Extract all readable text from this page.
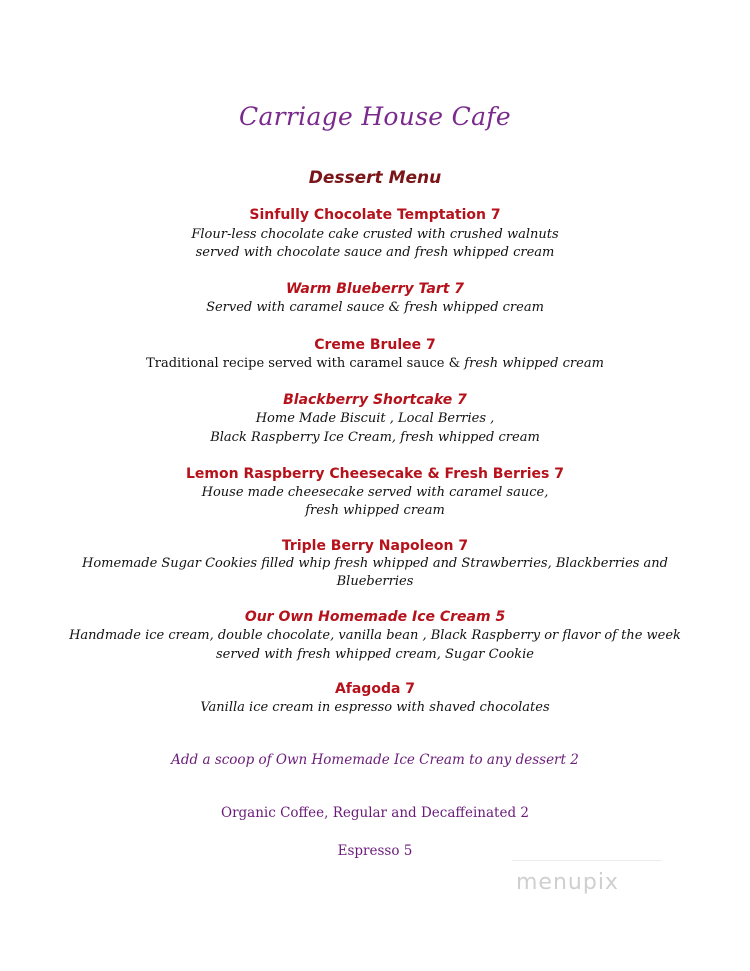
Carriage House Cafe
Dessert Menu
Sinfully Chocolate Temptation 7
Flour-less chocolate cake crusted with crushed walnuts
served with chocolate sauce and fresh whipped cream
Warm Blueberry Tart 7
Served with caramel sauce & fresh whipped cream
Creme Brulee 7
Traditional recipe served with caramel sauce & fresh whipped cream
Blackberry Shortcake 7
Home Made Biscuit , Local Berries ,
Black Raspberry Ice Cream, fresh whipped cream
Lemon Raspberry Cheesecake & Fresh Berries 7
House made cheesecake served with caramel sauce,
fresh whipped cream
Triple Berry Napoleon 7
Homemade Sugar Cookies filled whip fresh whipped and Strawberries, Blackberries and
Blueberries
Our Own Homemade Ice Cream 5
Handmade ice cream, double chocolate, vanilla bean , Black Raspberry or flavor of the week
served with fresh whipped cream, Sugar Cookie
Afagoda 7
Vanilla ice cream in espresso with shaved chocolates
Add a scoop of Own Homemade Ice Cream to any dessert 2
Organic Coffee, Regular and Decaffeinated 2
Espresso 5
menupix
